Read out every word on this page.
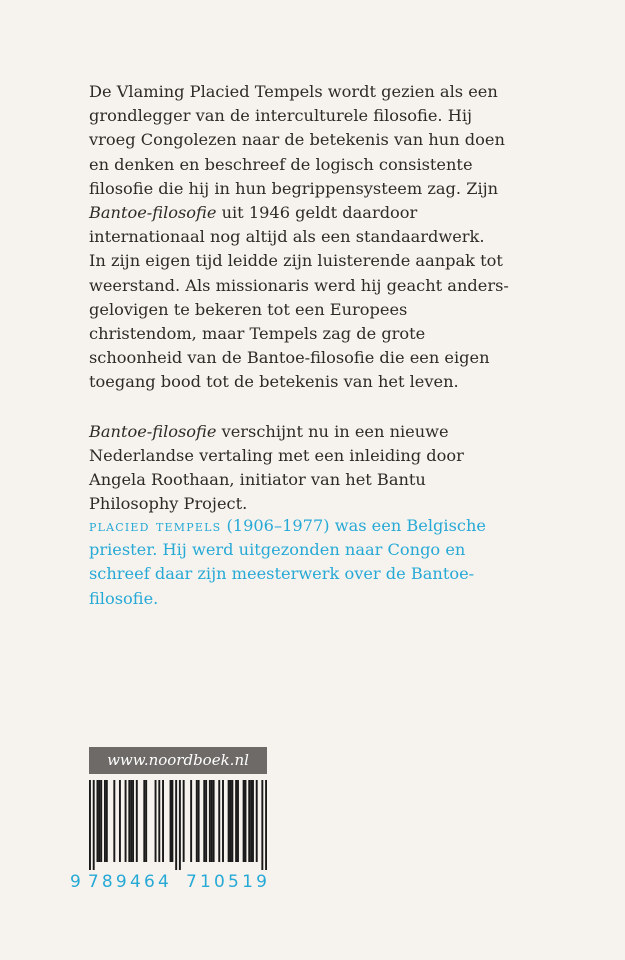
De Vlaming Placied Tempels wordt gezien als een grondlegger van de interculturele filosofie. Hij vroeg Congolezen naar de betekenis van hun doen en denken en beschreef de logisch consistente filosofie die hij in hun begrippensysteem zag. Zijn Bantoe-filosofie uit 1946 geldt daardoor internationaal nog altijd als een standaardwerk.

In zijn eigen tijd leidde zijn luisterende aanpak tot weerstand. Als missionaris werd hij geacht andersgelovigen te bekeren tot een Europees christendom, maar Tempels zag de grote schoonheid van de Bantoe-filosofie die een eigen toegang bood tot de betekenis van het leven.

Bantoe-filosofie verschijnt nu in een nieuwe Nederlandse vertaling met een inleiding door Angela Roothaan, initiator van het Bantu Philosophy Project.

placied tempels (1906–1977) was een Belgische priester. Hij werd uitgezonden naar Congo en schreef daar zijn meesterwerk over de Bantoe-filosofie.

www.noordboek.nl
9 789464 710519
